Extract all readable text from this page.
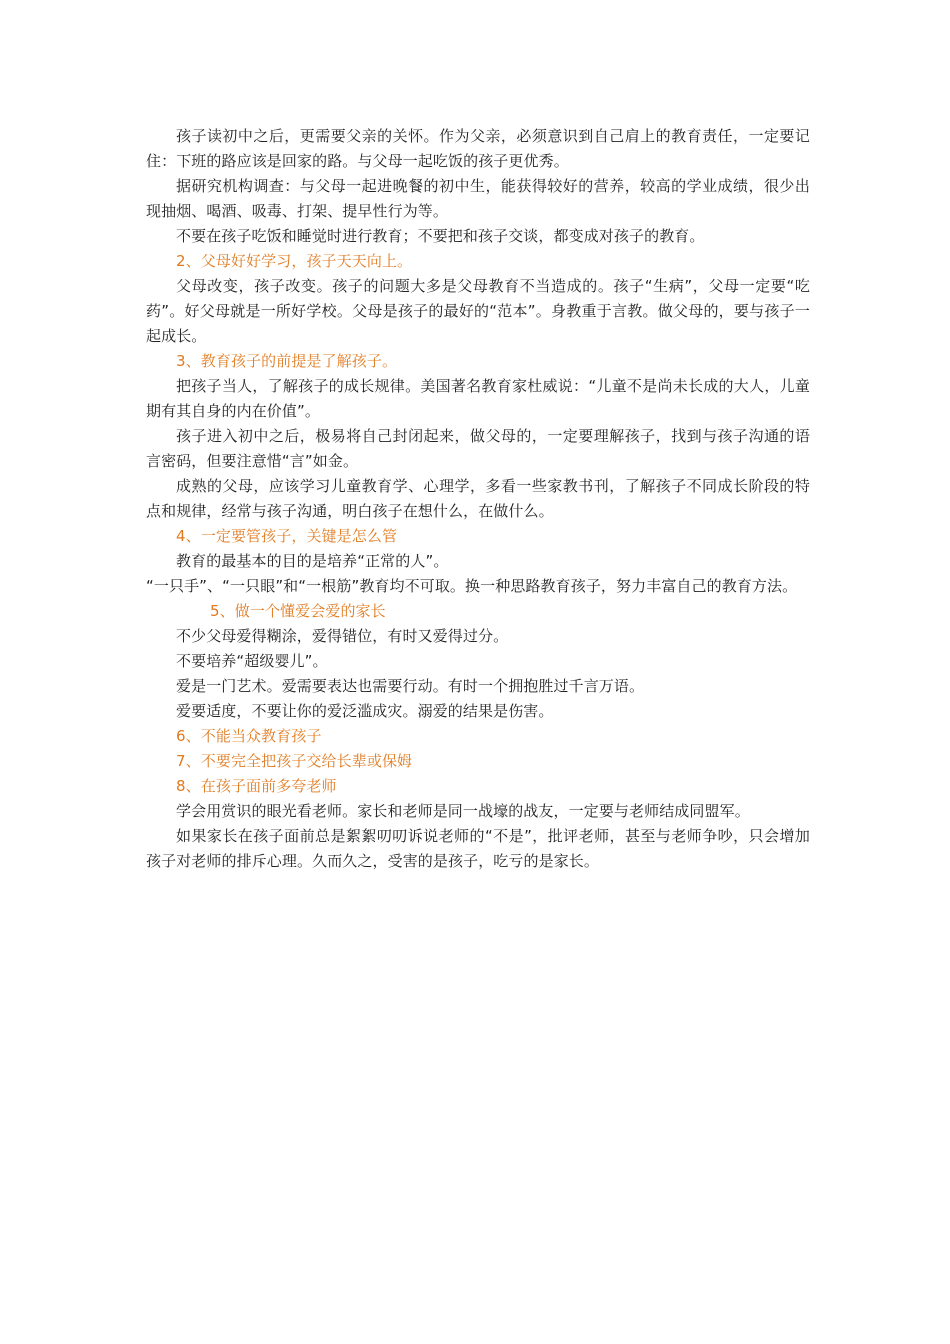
孩子读初中之后，更需要父亲的关怀。作为父亲，必须意识到自己肩上的教育责任，一定要记住：下班的路应该是回家的路。与父母一起吃饭的孩子更优秀。

据研究机构调查：与父母一起进晚餐的初中生，能获得较好的营养，较高的学业成绩，很少出现抽烟、喝酒、吸毒、打架、提早性行为等。

不要在孩子吃饭和睡觉时进行教育；不要把和孩子交谈，都变成对孩子的教育。

2、父母好好学习，孩子天天向上。

父母改变，孩子改变。孩子的问题大多是父母教育不当造成的。孩子“生病”，父母一定要“吃药”。好父母就是一所好学校。父母是孩子的最好的“范本”。身教重于言教。做父母的，要与孩子一起成长。

3、教育孩子的前提是了解孩子。

把孩子当人，了解孩子的成长规律。美国著名教育家杜威说：“儿童不是尚未长成的大人，儿童期有其自身的内在价值”。

孩子进入初中之后，极易将自己封闭起来，做父母的，一定要理解孩子，找到与孩子沟通的语言密码，但要注意惜“言”如金。

成熟的父母，应该学习儿童教育学、心理学，多看一些家教书刊，了解孩子不同成长阶段的特点和规律，经常与孩子沟通，明白孩子在想什么，在做什么。

4、一定要管孩子，关键是怎么管

教育的最基本的目的是培养“正常的人”。

“一只手”、“一只眼”和“一根筋”教育均不可取。换一种思路教育孩子，努力丰富自己的教育方法。

5、做一个懂爱会爱的家长

不少父母爱得糊涂，爱得错位，有时又爱得过分。

不要培养“超级婴儿”。

爱是一门艺术。爱需要表达也需要行动。有时一个拥抱胜过千言万语。

爱要适度，不要让你的爱泛滥成灾。溺爱的结果是伤害。

6、不能当众教育孩子

7、不要完全把孩子交给长辈或保姆

8、在孩子面前多夸老师

学会用赏识的眼光看老师。家长和老师是同一战壕的战友，一定要与老师结成同盟军。

如果家长在孩子面前总是絮絮叨叨诉说老师的“不是”，批评老师，甚至与老师争吵，只会增加孩子对老师的排斥心理。久而久之，受害的是孩子，吃亏的是家长。
